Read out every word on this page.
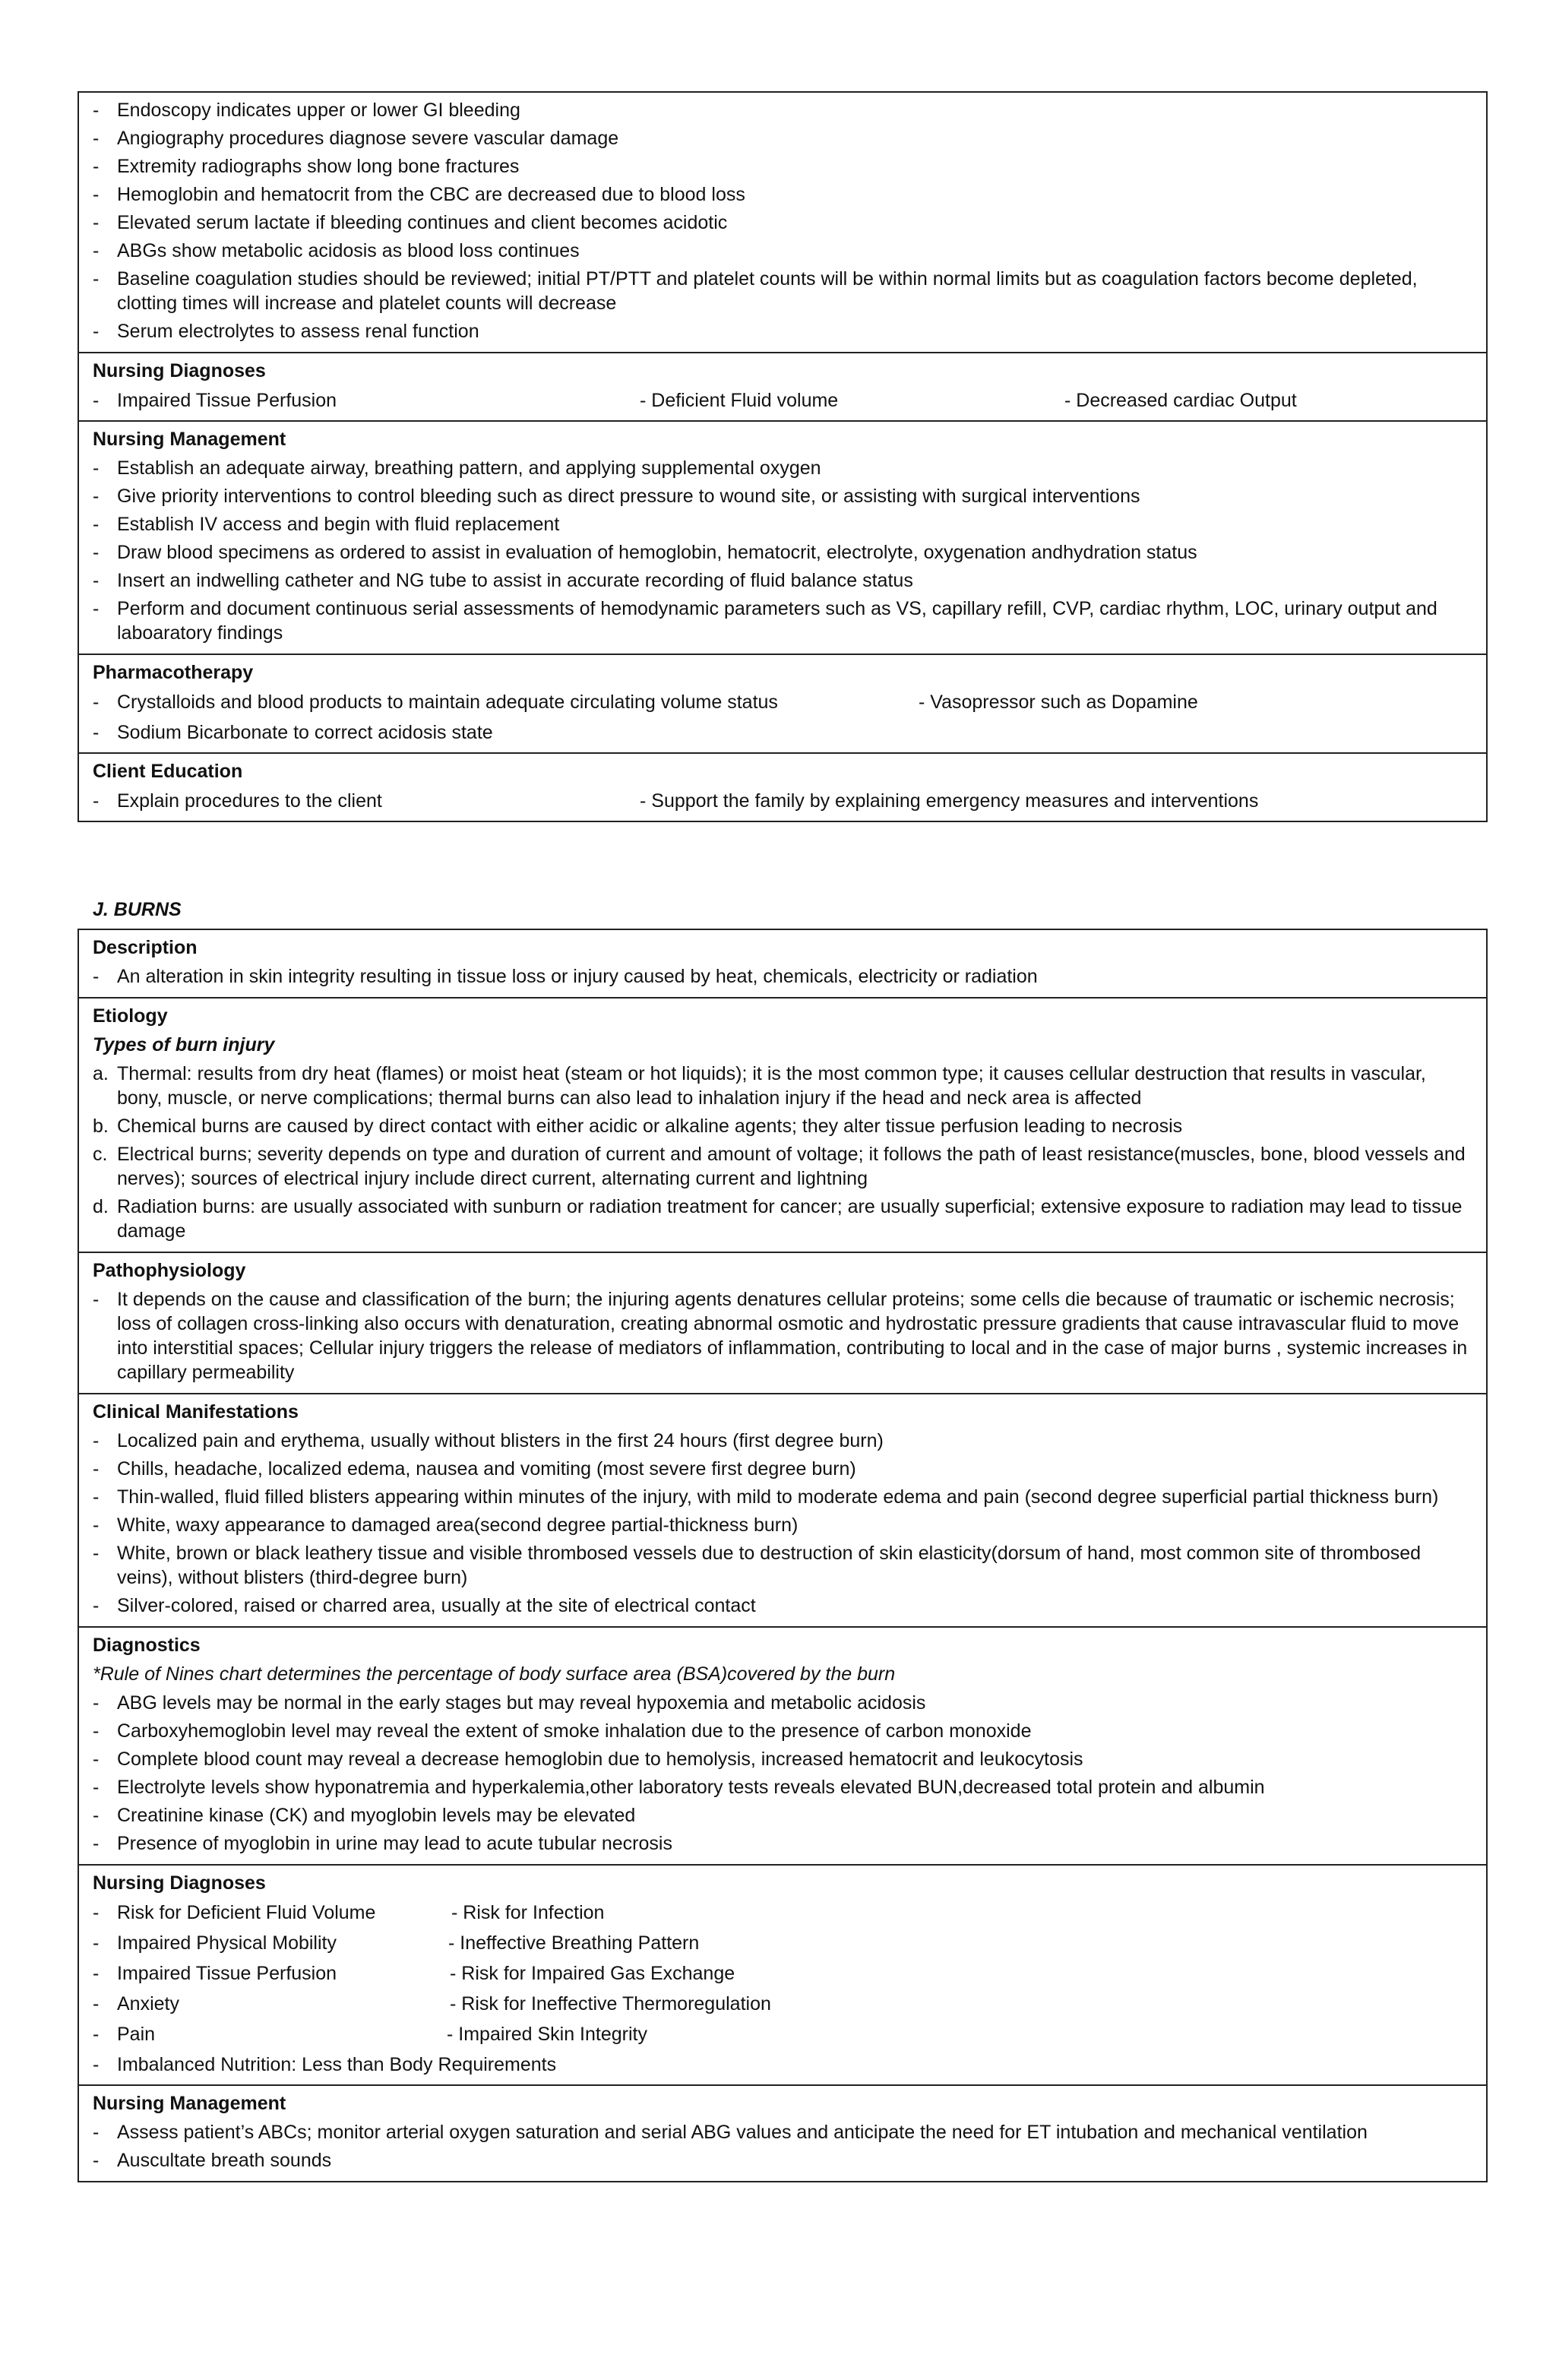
- Endoscopy indicates upper or lower GI bleeding
- Angiography procedures diagnose severe vascular damage
- Extremity radiographs show long bone fractures
- Hemoglobin and hematocrit from the CBC are decreased due to blood loss
- Elevated serum lactate if bleeding continues and client becomes acidotic
- ABGs show metabolic acidosis as blood loss continues
- Baseline coagulation studies should be reviewed; initial PT/PTT and platelet counts will be within normal limits but as coagulation factors become depleted, clotting times will increase and platelet counts will decrease
- Serum electrolytes to assess renal function
Nursing Diagnoses
- Impaired Tissue Perfusion	- Deficient Fluid volume	- Decreased cardiac Output
Nursing Management
- Establish an adequate airway, breathing pattern, and applying supplemental oxygen
- Give priority interventions to control bleeding such as direct pressure to wound site, or assisting with surgical interventions
- Establish IV access and begin with fluid replacement
- Draw blood specimens as ordered to assist in evaluation of hemoglobin, hematocrit, electrolyte, oxygenation andhydration status
- Insert an indwelling catheter and NG tube to assist in accurate recording of fluid balance status
- Perform and document continuous serial assessments of hemodynamic parameters such as VS, capillary refill, CVP, cardiac rhythm, LOC, urinary output and laboaratory findings
Pharmacotherapy
- Crystalloids and blood products to maintain adequate circulating volume status	- Vasopressor such as Dopamine
- Sodium Bicarbonate to correct acidosis state
Client Education
- Explain procedures to the client	- Support the family by explaining emergency measures and interventions
J. BURNS
Description
- An alteration in skin integrity resulting in tissue loss or injury caused by heat, chemicals, electricity or radiation
Etiology
Types of burn injury
a. Thermal: results from dry heat (flames) or moist heat (steam or hot liquids); it is the most common type; it causes cellular destruction that results in vascular, bony, muscle, or nerve complications; thermal burns can also lead to inhalation injury if the head and neck area is affected
b. Chemical burns are caused by direct contact with either acidic or alkaline agents; they alter tissue perfusion leading to necrosis
c. Electrical burns; severity depends on type and duration of current and amount of voltage; it follows the path of least resistance(muscles, bone, blood vessels and nerves); sources of electrical injury include direct current, alternating current and lightning
d. Radiation burns: are usually associated with sunburn or radiation treatment for cancer; are usually superficial; extensive exposure to radiation may lead to tissue damage
Pathophysiology
- It depends on the cause and classification of the burn; the injuring agents denatures cellular proteins; some cells die because of traumatic or ischemic necrosis; loss of collagen cross-linking also occurs with denaturation, creating abnormal osmotic and hydrostatic pressure gradients that cause intravascular fluid to move into interstitial spaces; Cellular injury triggers the release of mediators of inflammation, contributing to local and in the case of major burns , systemic increases in capillary permeability
Clinical Manifestations
- Localized pain and erythema, usually without blisters in the first 24 hours (first degree burn)
- Chills, headache, localized edema, nausea and vomiting (most severe first degree burn)
- Thin-walled, fluid filled blisters appearing within minutes of the injury, with mild to moderate edema and pain (second degree superficial partial thickness burn)
- White, waxy appearance to damaged area(second degree partial-thickness burn)
- White, brown or black leathery tissue and visible thrombosed vessels due to destruction of skin elasticity(dorsum of hand, most common site of thrombosed veins), without blisters (third-degree burn)
- Silver-colored, raised or charred area, usually at the site of electrical contact
Diagnostics
*Rule of Nines chart determines the percentage of body surface area (BSA)covered by the burn
- ABG levels may be normal in the early stages but may reveal hypoxemia and metabolic acidosis
- Carboxyhemoglobin level may reveal the extent of smoke inhalation due to the presence of carbon monoxide
- Complete blood count may reveal a decrease hemoglobin due to hemolysis, increased hematocrit and leukocytosis
- Electrolyte levels show hyponatremia and hyperkalemia,other laboratory tests reveals elevated BUN,decreased total protein and albumin
- Creatinine kinase (CK) and myoglobin levels may be elevated
- Presence of myoglobin in urine may lead to acute tubular necrosis
Nursing Diagnoses
- Risk for Deficient Fluid Volume	- Risk for Infection
- Impaired Physical Mobility	- Ineffective Breathing Pattern
- Impaired Tissue Perfusion	- Risk for Impaired Gas Exchange
- Anxiety	- Risk for Ineffective Thermoregulation
- Pain	- Impaired Skin Integrity
- Imbalanced Nutrition: Less than Body Requirements
Nursing Management
- Assess patient’s ABCs; monitor arterial oxygen saturation and serial ABG values and anticipate the need for ET intubation and mechanical ventilation
- Auscultate breath sounds
